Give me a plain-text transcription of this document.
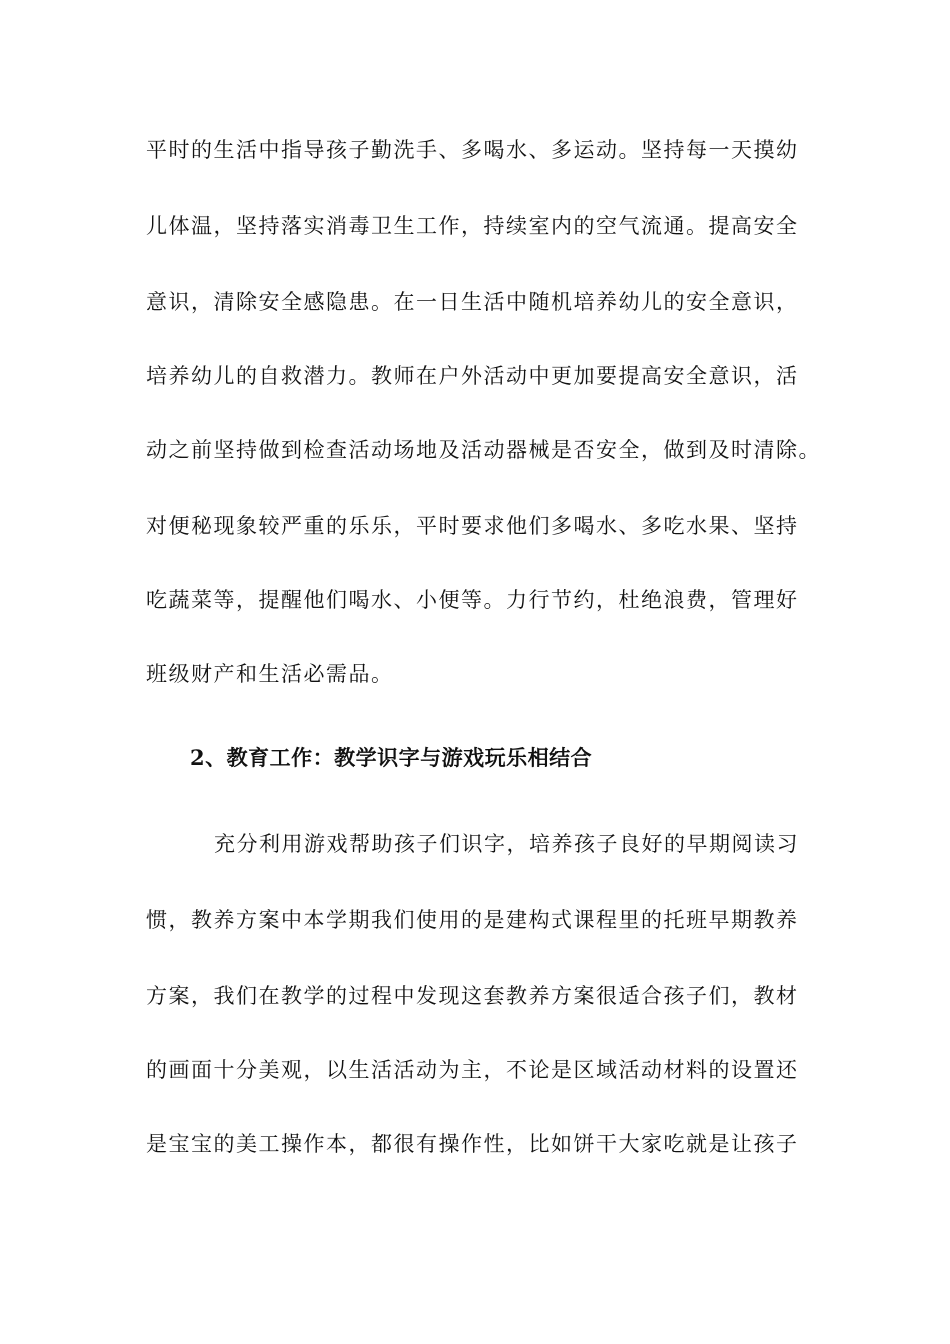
平时的生活中指导孩子勤洗手、多喝水、多运动。坚持每一天摸幼
儿体温，坚持落实消毒卫生工作，持续室内的空气流通。提高安全
意识，清除安全感隐患。在一日生活中随机培养幼儿的安全意识，
培养幼儿的自救潜力。教师在户外活动中更加要提高安全意识，活
动之前坚持做到检查活动场地及活动器械是否安全，做到及时清除。
对便秘现象较严重的乐乐，平时要求他们多喝水、多吃水果、坚持
吃蔬菜等，提醒他们喝水、小便等。力行节约，杜绝浪费，管理好
班级财产和生活必需品。
2、教育工作：教学识字与游戏玩乐相结合
充分利用游戏帮助孩子们识字，培养孩子良好的早期阅读习
惯，教养方案中本学期我们使用的是建构式课程里的托班早期教养
方案，我们在教学的过程中发现这套教养方案很适合孩子们，教材
的画面十分美观，以生活活动为主，不论是区域活动材料的设置还
是宝宝的美工操作本，都很有操作性，比如饼干大家吃就是让孩子
